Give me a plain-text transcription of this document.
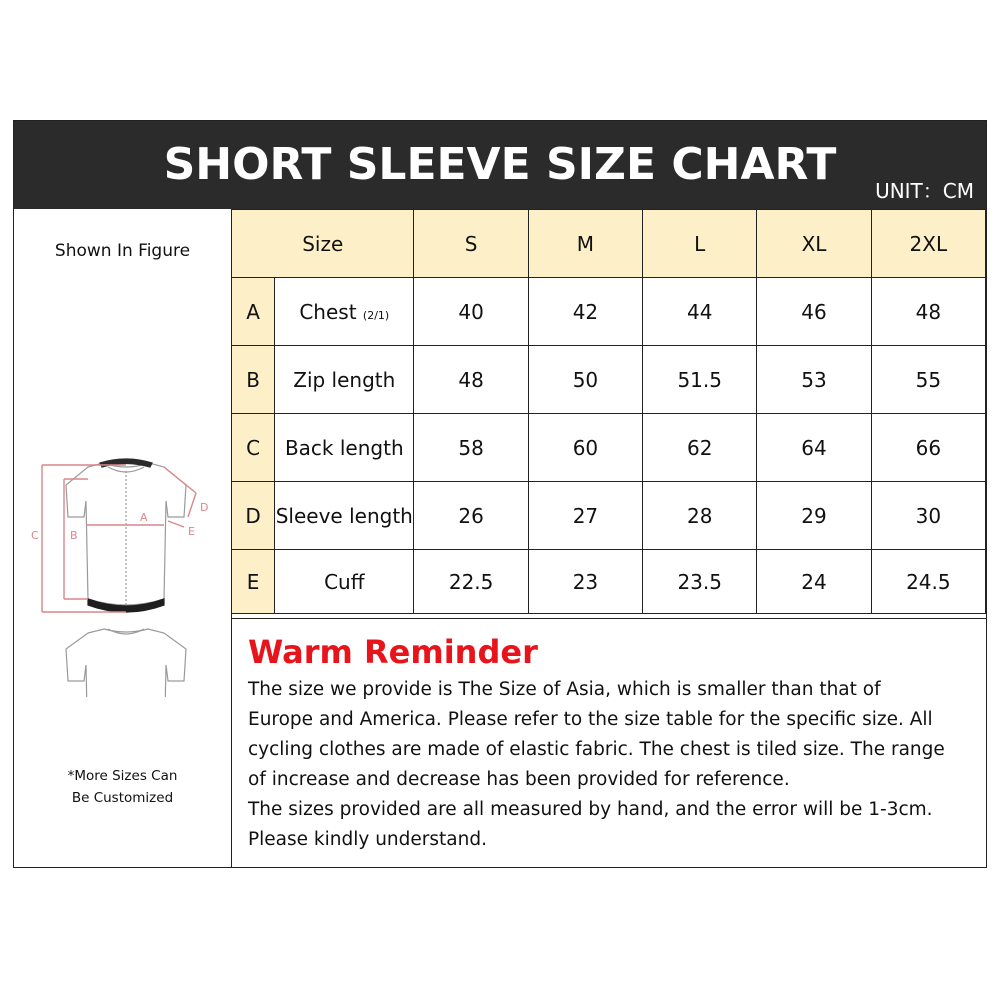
SHORT SLEEVE SIZE CHART
UNIT：CM
Shown In Figure
A
B
C
D
E
*More Sizes Can
Be Customized
Size		S	M	L	XL	2XL
A	Chest (2/1)	40	42	44	46	48
B	Zip length	48	50	51.5	53	55
C	Back length	58	60	62	64	66
D	Sleeve length	26	27	28	29	30
E	Cuff	22.5	23	23.5	24	24.5
Warm Reminder
The size we provide is The Size of Asia, which is smaller than that of
Europe and America. Please refer to the size table for the specific size. All
cycling clothes are made of elastic fabric. The chest is tiled size. The range
of increase and decrease has been provided for reference.
The sizes provided are all measured by hand, and the error will be 1-3cm.
Please kindly understand.
